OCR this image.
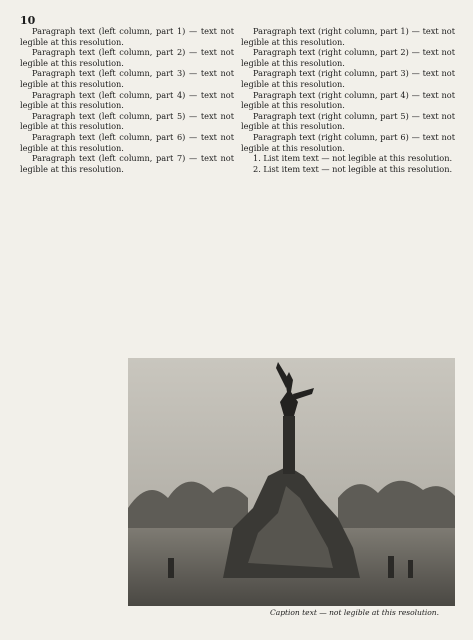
10

Paragraph text (left column, part 1) — text not legible at this resolution.

Paragraph text (left column, part 2) — text not legible at this resolution.

Paragraph text (left column, part 3) — text not legible at this resolution.

Paragraph text (left column, part 4) — text not legible at this resolution.

Paragraph text (left column, part 5) — text not legible at this resolution.

Paragraph text (left column, part 6) — text not legible at this resolution.

Paragraph text (left column, part 7) — text not legible at this resolution.

Paragraph text (right column, part 1) — text not legible at this resolution.

Paragraph text (right column, part 2) — text not legible at this resolution.

Paragraph text (right column, part 3) — text not legible at this resolution.

Paragraph text (right column, part 4) — text not legible at this resolution.

Paragraph text (right column, part 5) — text not legible at this resolution.

Paragraph text (right column, part 6) — text not legible at this resolution.

1. List item text — not legible at this resolution.

2. List item text — not legible at this resolution.

Caption text — not legible at this resolution.
